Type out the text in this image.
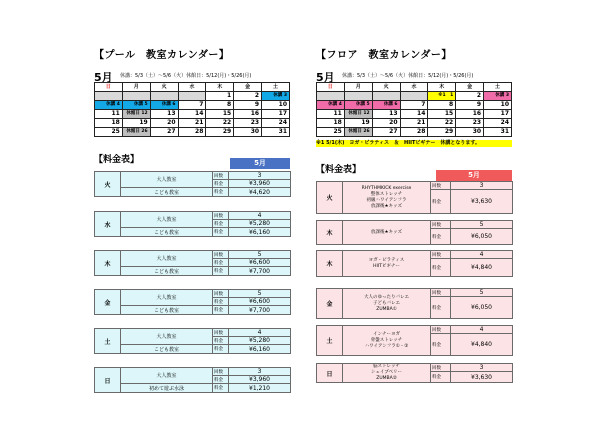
【プール　教室カレンダー】
5月 休講：5/3（土）～5/6（火）休館日：5/12(月)・5/26(月)
日	月	火	水	木	金	土
				1	2	休講 3
休講 4	休講 5	休講 6	7	8	9	10
11	休館日 12	13	14	15	16	17
18	19	20	21	22	23	24
25	休館日 26	27	28	29	30	31
【フロア　教室カレンダー】
5月 休講：5/3（土）～5/6（火）休館日：5/12(月)・5/26(月)
日	月	火	水	木	金	土
				※1　1	2	休講 3
休講 4	休講 5	休講 6	7	8	9	10
11	休館日 12	13	14	15	16	17
18	19	20	21	22	23	24
25	休館日 26	27	28	29	30	31
※1 5/1(木)　ヨガ・ピラティス　＆　HIITビギナー　休講となります。
【料金表】	5月
火	大人教室	回数	3
		料金	¥3,960
	こども教室	料金	¥4,620
水	大人教室	回数	4
		料金	¥5,280
	こども教室	料金	¥6,160
木	大人教室	回数	5
		料金	¥6,600
	こども教室	料金	¥7,700
金	大人教室	回数	5
		料金	¥6,600
	こども教室	料金	¥7,700
土	大人教室	回数	4
		料金	¥5,280
	こども教室	料金	¥6,160
日	大人教室	回数	3
		料金	¥3,960
	初めて遊ぶ水泳	料金	¥1,210
【料金表】	5月
火	RHYTHMKICK exercise
整体ストレッチ
初級ハワイアンフラ
放課後★キッズ	回数	3
		料金	¥3,630
木	放課後★キッズ	回数	5
		料金	¥6,050
木	ヨガ・ピラティス
HIITビギナー	回数	4
		料金	¥4,840
金	大人のゆったりバレエ
子どもバレエ
ZUMBA①	回数	5
		料金	¥6,050
土	インナーヨガ
骨盤ストレッチ
ハワイアンフラ①・②	回数	4
		料金	¥4,840
日	脳ストレッチ
シェイプベリー
ZUMBA②	回数	3
		料金	¥3,630
